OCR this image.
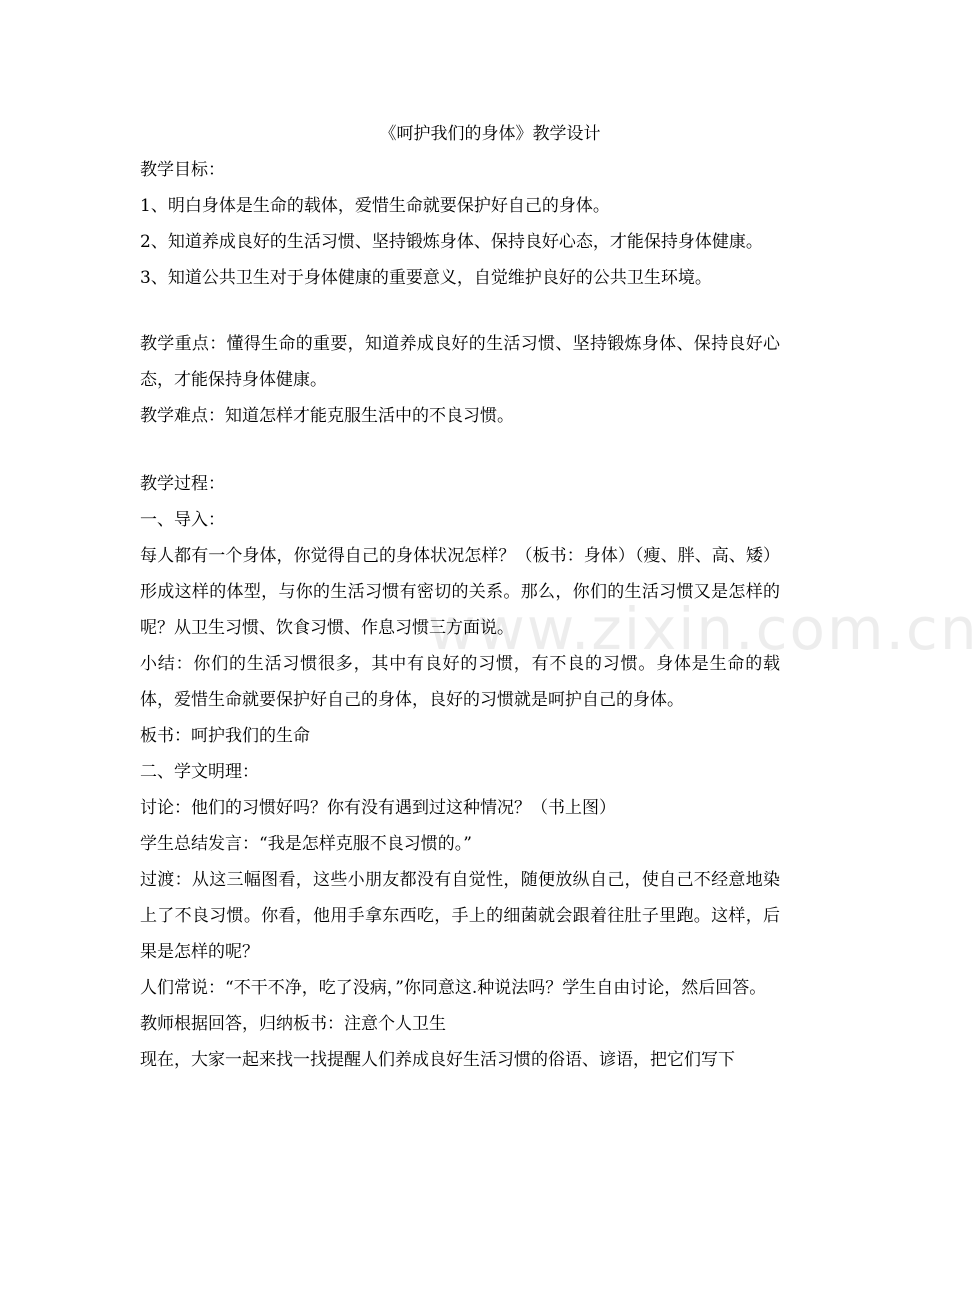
www.zixin.com.cn

《呵护我们的身体》教学设计

教学目标：

1、明白身体是生命的载体，爱惜生命就要保护好自己的身体。

2、知道养成良好的生活习惯、坚持锻炼身体、保持良好心态，才能保持身体健康。

3、知道公共卫生对于身体健康的重要意义，自觉维护良好的公共卫生环境。

教学重点：懂得生命的重要，知道养成良好的生活习惯、坚持锻炼身体、保持良好心态，才能保持身体健康。

教学难点：知道怎样才能克服生活中的不良习惯。

教学过程：

一、导入：

每人都有一个身体，你觉得自己的身体状况怎样？（板书：身体）（瘦、胖、高、矮）形成这样的体型，与你的生活习惯有密切的关系。那么，你们的生活习惯又是怎样的呢？从卫生习惯、饮食习惯、作息习惯三方面说。

小结：你们的生活习惯很多，其中有良好的习惯，有不良的习惯。身体是生命的载体，爱惜生命就要保护好自己的身体，良好的习惯就是呵护自己的身体。

板书：呵护我们的生命

二、学文明理：

讨论：他们的习惯好吗？你有没有遇到过这种情况？（书上图）

学生总结发言：“我是怎样克服不良习惯的。”

过渡：从这三幅图看，这些小朋友都没有自觉性，随便放纵自己，使自己不经意地染上了不良习惯。你看，他用手拿东西吃，手上的细菌就会跟着往肚子里跑。这样，后果是怎样的呢？

人们常说：“不干不净，吃了没病，”你同意这.种说法吗？学生自由讨论，然后回答。

教师根据回答，归纳板书：注意个人卫生

现在，大家一起来找一找提醒人们养成良好生活习惯的俗语、谚语，把它们写下
